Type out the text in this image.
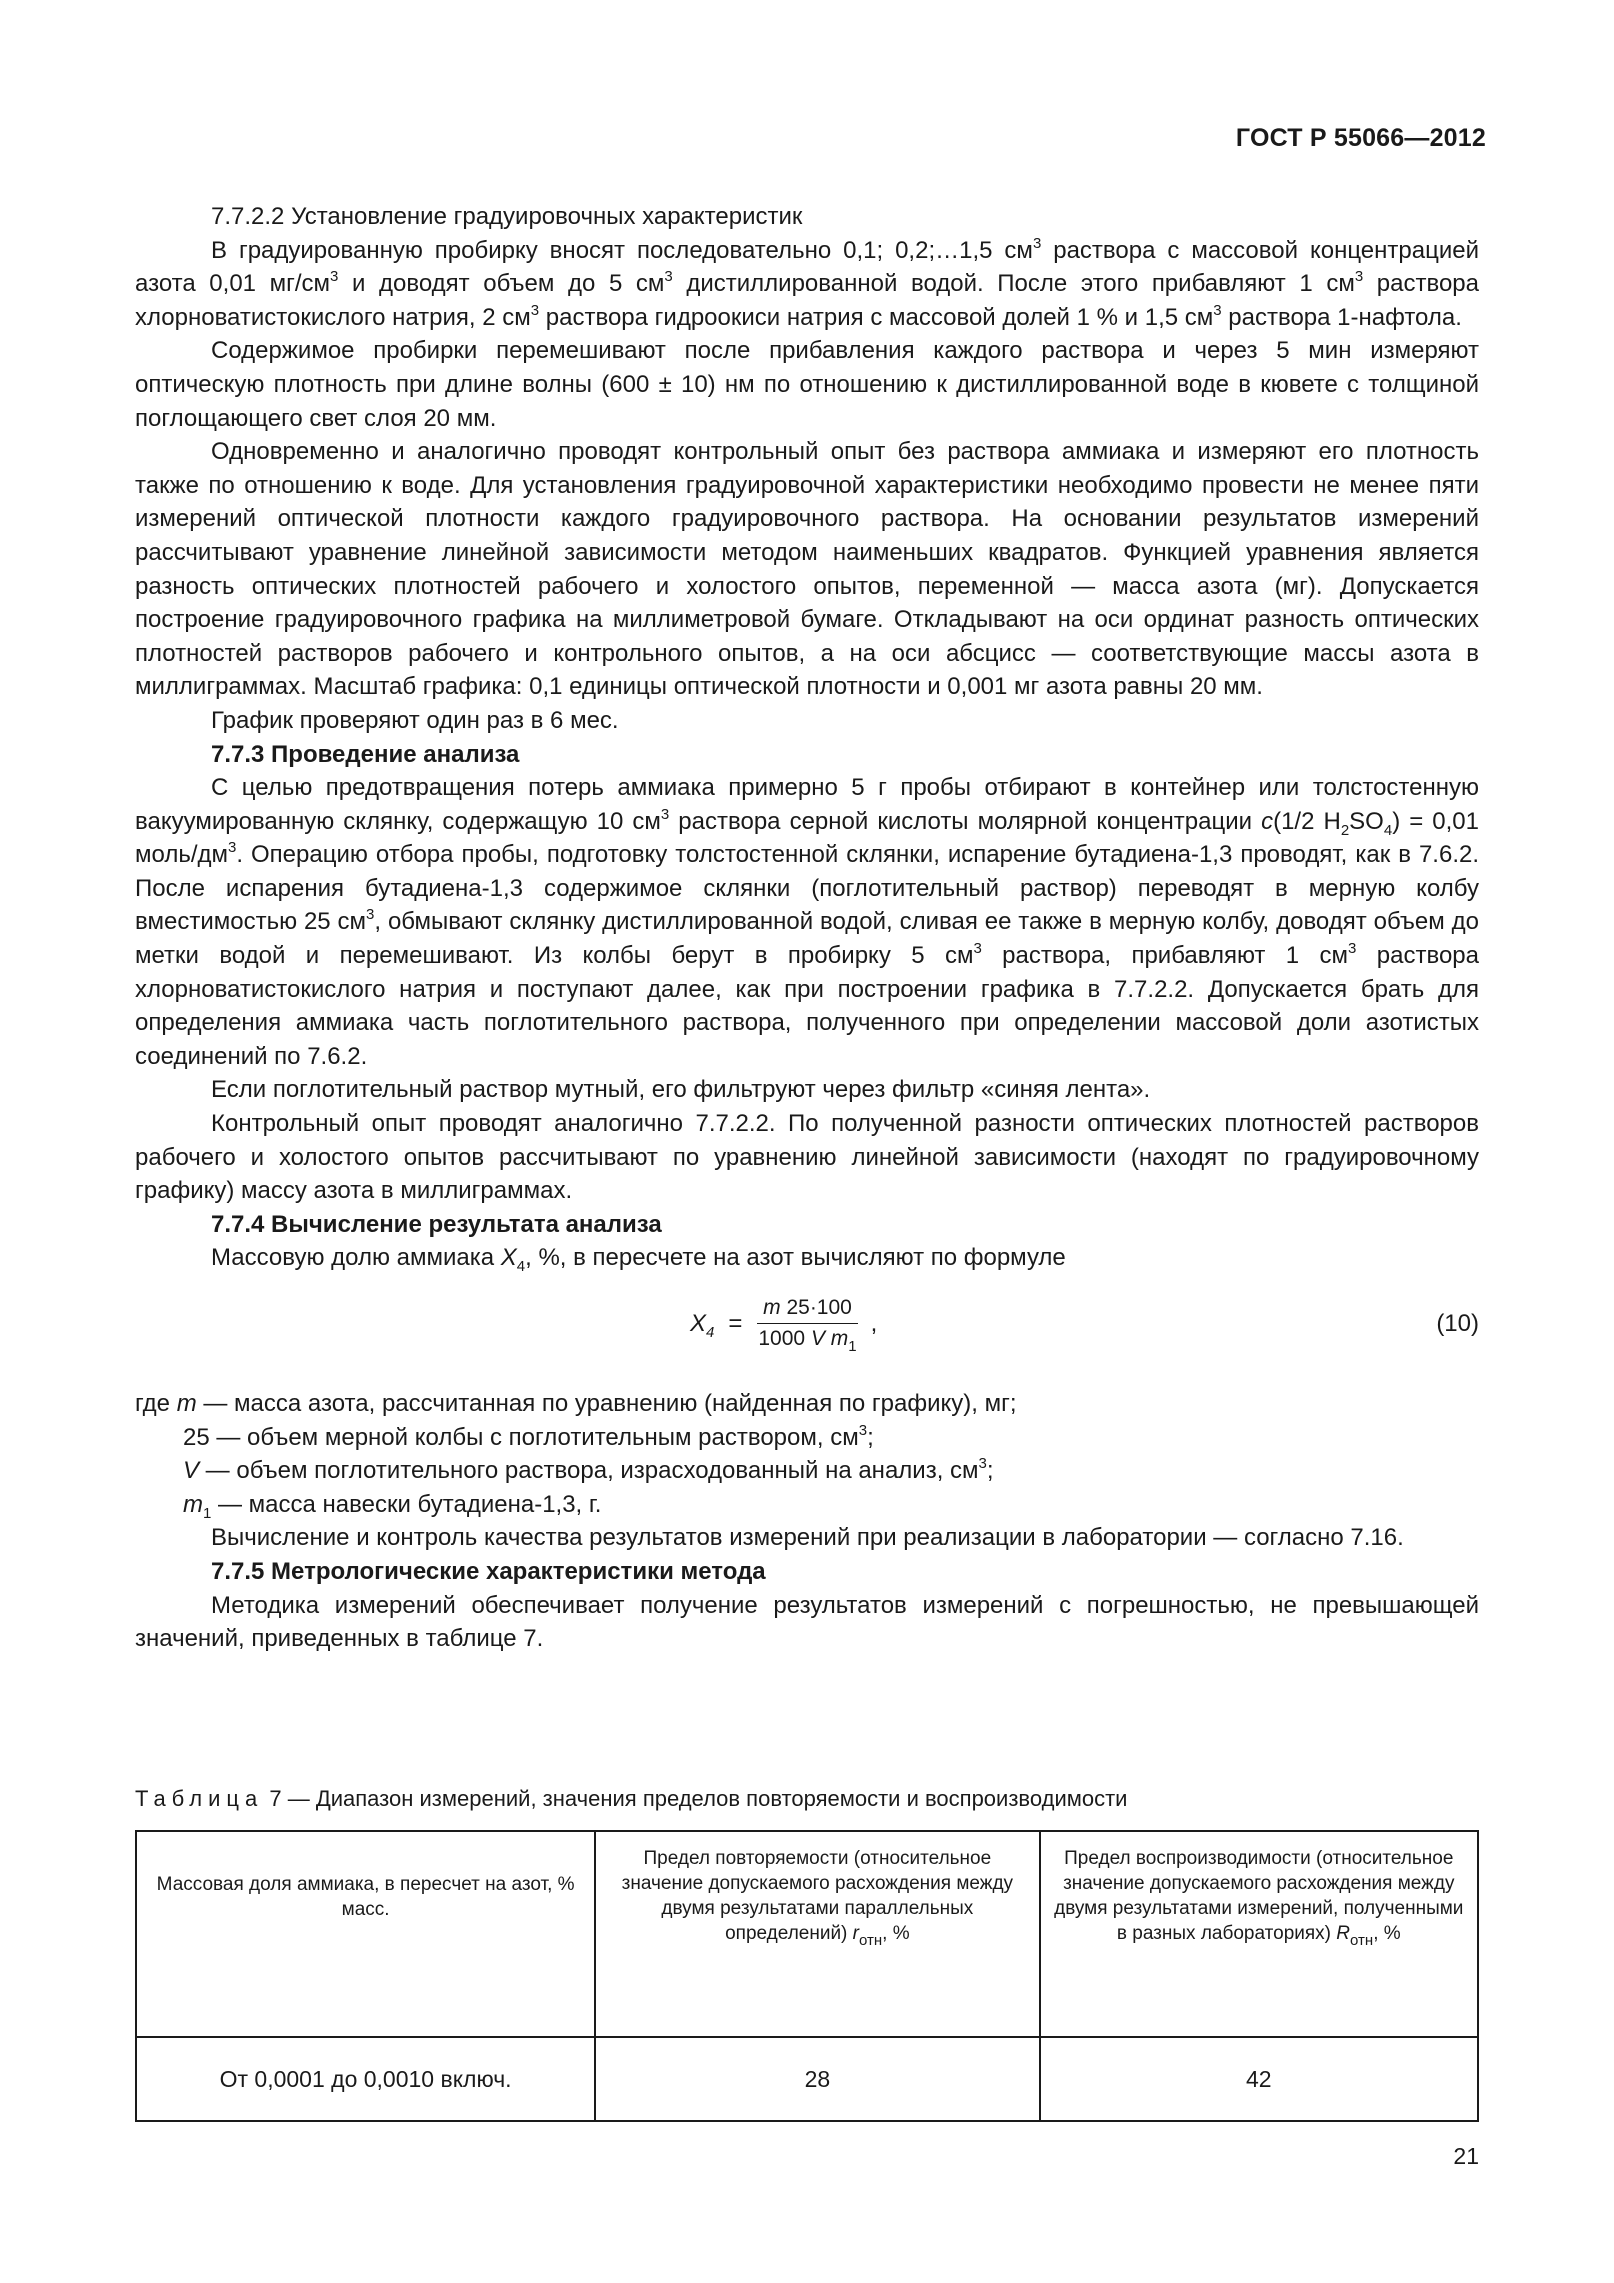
ГОСТ Р 55066—2012

7.7.2.2 Установление градуировочных характеристик

В градуированную пробирку вносят последовательно 0,1; 0,2;…1,5 $см^3$ раствора с массовой концентрацией азота 0,01 $мг/см^3$ и доводят объем до 5 $см^3$ дистиллированной водой. После этого прибавляют 1 $см^3$ раствора хлорноватистокислого натрия, 2 $см^3$ раствора гидроокиси натрия с массовой долей 1 % и 1,5 $см^3$ раствора 1-нафтола.

Содержимое пробирки перемешивают после прибавления каждого раствора и через 5 мин измеряют оптическую плотность при длине волны (600 ± 10) нм по отношению к дистиллированной воде в кювете с толщиной поглощающего свет слоя 20 мм.

Одновременно и аналогично проводят контрольный опыт без раствора аммиака и измеряют его плотность также по отношению к воде. Для установления градуировочной характеристики необходимо провести не менее пяти измерений оптической плотности каждого градуировочного раствора. На основании результатов измерений рассчитывают уравнение линейной зависимости методом наименьших квадратов. Функцией уравнения является разность оптических плотностей рабочего и холостого опытов, переменной — масса азота (мг). Допускается построение градуировочного графика на миллиметровой бумаге. Откладывают на оси ординат разность оптических плотностей растворов рабочего и контрольного опытов, а на оси абсцисс — соответствующие массы азота в миллиграммах. Масштаб графика: 0,1 единицы оптической плотности и 0,001 мг азота равны 20 мм.

График проверяют один раз в 6 мес.

7.7.3 Проведение анализа

С целью предотвращения потерь аммиака примерно 5 г пробы отбирают в контейнер или толстостенную вакуумированную склянку, содержащую 10 $см^3$ раствора серной кислоты молярной концентрации c(1/2 $H_2SO_4) = 0,01$ моль/$дм^3$. Операцию отбора пробы, подготовку толстостенной склянки, испарение бутадиена-1,3 проводят, как в 7.6.2. После испарения бутадиена-1,3 содержимое склянки (поглотительный раствор) переводят в мерную колбу вместимостью 25 $см^3$, обмывают склянку дистиллированной водой, сливая ее также в мерную колбу, доводят объем до метки водой и перемешивают. Из колбы берут в пробирку 5 $см^3$ раствора, прибавляют 1 $см^3$ раствора хлорноватистокислого натрия и поступают далее, как при построении графика в 7.7.2.2. Допускается брать для определения аммиака часть поглотительного раствора, полученного при определении массовой доли азотистых соединений по 7.6.2.

Если поглотительный раствор мутный, его фильтруют через фильтр «синяя лента».

Контрольный опыт проводят аналогично 7.7.2.2. По полученной разности оптических плотностей растворов рабочего и холостого опытов рассчитывают по уравнению линейной зависимости (находят по градуировочному графику) массу азота в миллиграммах.

7.7.4 Вычисление результата анализа

Массовую долю аммиака $X_4$, %, в пересчете на азот вычисляют по формуле

$X_4 = \frac{m 25\cdot 100}{1000 V m_1}$ ,	(10)

где m — масса азота, рассчитанная по уравнению (найденная по графику), мг;

25 — объем мерной колбы с поглотительным раствором, $см^3$;

V — объем поглотительного раствора, израсходованный на анализ, $см^3$;

$m_1$ — масса навески бутадиена-1,3, г.

Вычисление и контроль качества результатов измерений при реализации в лаборатории — согласно 7.16.

7.7.5 Метрологические характеристики метода

Методика измерений обеспечивает получение результатов измерений с погрешностью, не превышающей значений, приведенных в таблице 7.

Таблица 7 — Диапазон измерений, значения пределов повторяемости и воспроизводимости
Массовая доля аммиака, в пересчет на азот, % масс.	Предел повторяемости (относительное значение допускаемого расхождения между двумя результатами параллельных определений) $r_{отн}$, %	Предел воспроизводимости (относительное значение допускаемого расхождения между двумя результатами измерений, полученными в разных лабораториях) $R_{отн}$, %
От 0,0001 до 0,0010 включ.	28	42
21
